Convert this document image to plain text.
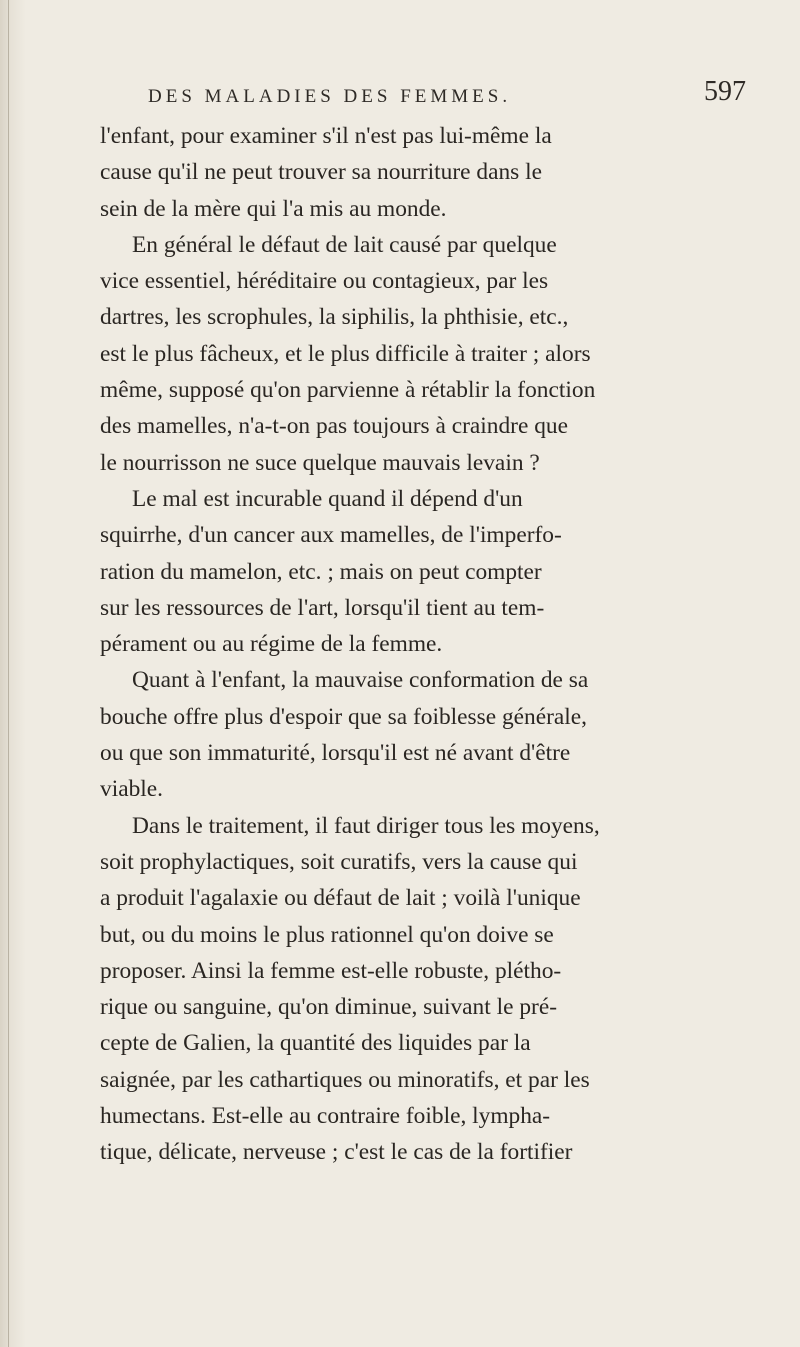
DES MALADIES DES FEMMES.	597

l'enfant, pour examiner s'il n'est pas lui-même la
cause qu'il ne peut trouver sa nourriture dans le
sein de la mère qui l'a mis au monde.

En général le défaut de lait causé par quelque
vice essentiel, héréditaire ou contagieux, par les
dartres, les scrophules, la siphilis, la phthisie, etc.,
est le plus fâcheux, et le plus difficile à traiter ; alors
même, supposé qu'on parvienne à rétablir la fonction
des mamelles, n'a-t-on pas toujours à craindre que
le nourrisson ne suce quelque mauvais levain ?

Le mal est incurable quand il dépend d'un
squirrhe, d'un cancer aux mamelles, de l'imperfo-
ration du mamelon, etc. ; mais on peut compter
sur les ressources de l'art, lorsqu'il tient au tem-
pérament ou au régime de la femme.

Quant à l'enfant, la mauvaise conformation de sa
bouche offre plus d'espoir que sa foiblesse générale,
ou que son immaturité, lorsqu'il est né avant d'être
viable.

Dans le traitement, il faut diriger tous les moyens,
soit prophylactiques, soit curatifs, vers la cause qui
a produit l'agalaxie ou défaut de lait ; voilà l'unique
but, ou du moins le plus rationnel qu'on doive se
proposer. Ainsi la femme est-elle robuste, plétho-
rique ou sanguine, qu'on diminue, suivant le pré-
cepte de Galien, la quantité des liquides par la
saignée, par les cathartiques ou minoratifs, et par les
humectans. Est-elle au contraire foible, lympha-
tique, délicate, nerveuse ; c'est le cas de la fortifier
